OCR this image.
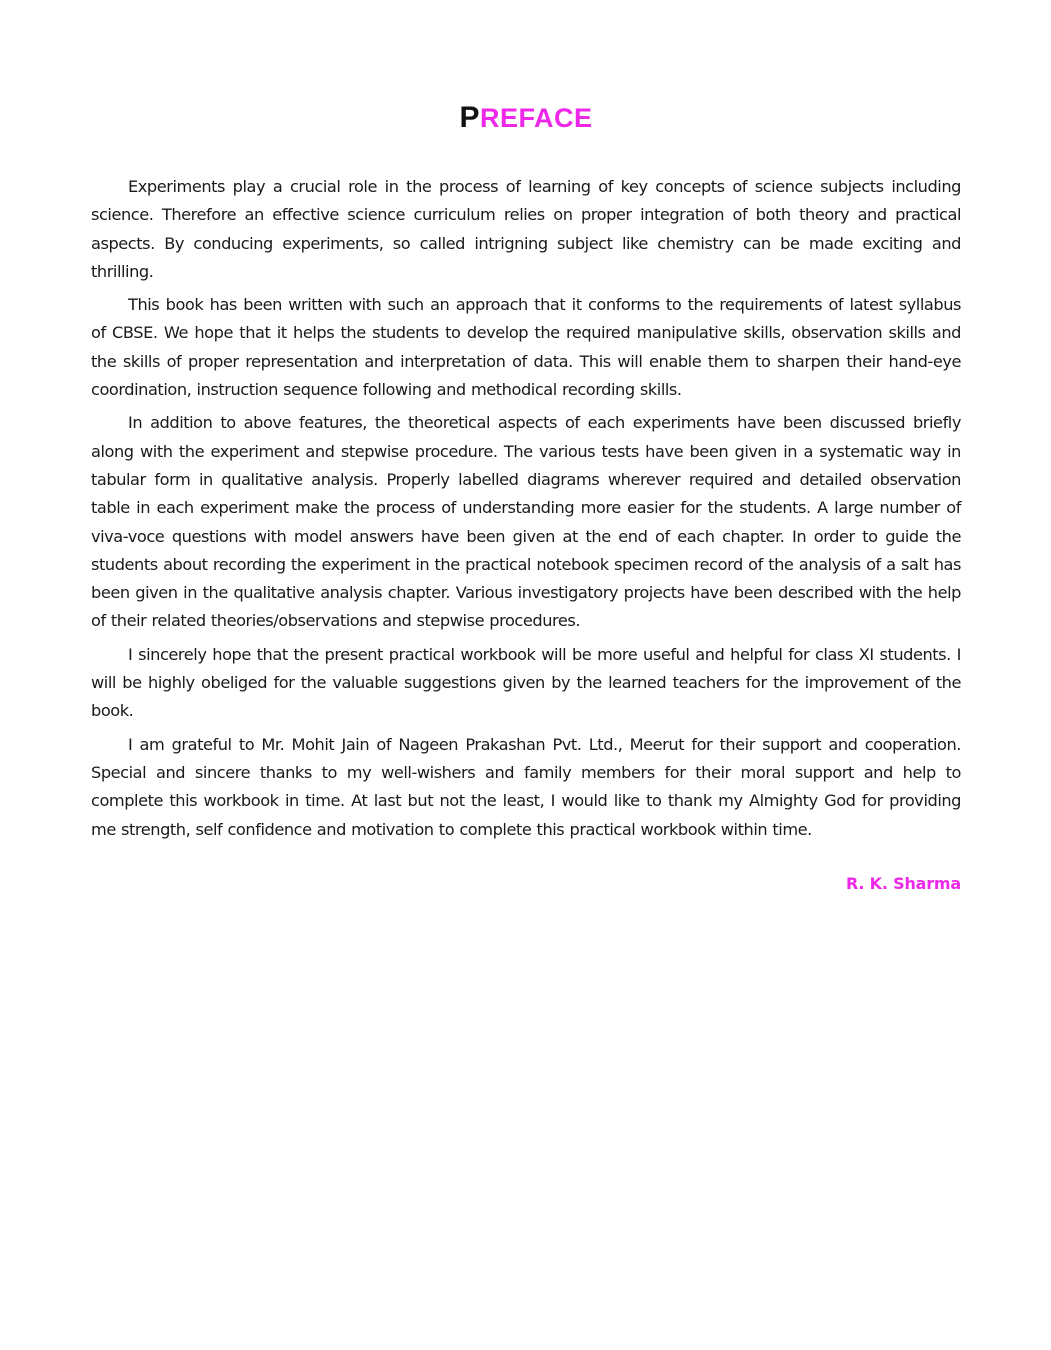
PREFACE

Experiments play a crucial role in the process of learning of key concepts of science subjects including science. Therefore an effective science curriculum relies on proper integration of both theory and practical aspects. By conducing experiments, so called intrigning subject like chemistry can be made exciting and thrilling.

This book has been written with such an approach that it conforms to the requirements of latest syllabus of CBSE. We hope that it helps the students to develop the required manipulative skills, observation skills and the skills of proper representation and interpretation of data. This will enable them to sharpen their hand-eye coordination, instruction sequence following and methodical recording skills.

In addition to above features, the theoretical aspects of each experiments have been discussed briefly along with the experiment and stepwise procedure. The various tests have been given in a systematic way in tabular form in qualitative analysis. Properly labelled diagrams wherever required and detailed observation table in each experiment make the process of understanding more easier for the students. A large number of viva-voce questions with model answers have been given at the end of each chapter. In order to guide the students about recording the experiment in the practical notebook specimen record of the analysis of a salt has been given in the qualitative analysis chapter. Various investigatory projects have been described with the help of their related theories/observations and stepwise procedures.

I sincerely hope that the present practical workbook will be more useful and helpful for class XI students. I will be highly obeliged for the valuable suggestions given by the learned teachers for the improvement of the book.

I am grateful to Mr. Mohit Jain of Nageen Prakashan Pvt. Ltd., Meerut for their support and cooperation. Special and sincere thanks to my well-wishers and family members for their moral support and help to complete this workbook in time. At last but not the least, I would like to thank my Almighty God for providing me strength, self confidence and motivation to complete this practical workbook within time.

R. K. Sharma
